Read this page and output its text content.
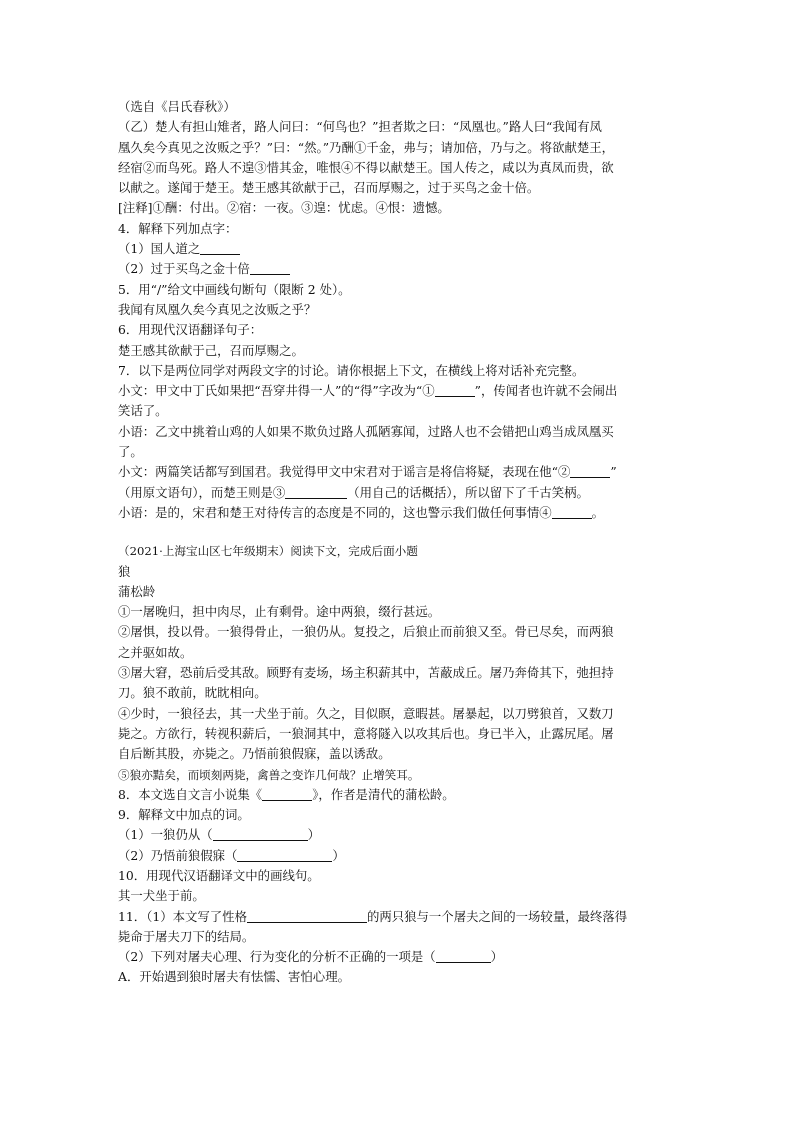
（选自《吕氏春秋》）
（乙）楚人有担山雉者，路人问曰：“何鸟也？”担者欺之曰：“凤凰也。”路人曰“我闻有凤
凰久矣今真见之汝贩之乎？”曰：“然。”乃酬①千金，弗与；请加倍，乃与之。将欲献楚王，
经宿②而鸟死。路人不遑③惜其金，唯恨④不得以献楚王。国人传之，咸以为真凤而贵，欲
以献之。遂闻于楚王。楚王感其欲献于己，召而厚赐之，过于买鸟之金十倍。
[注释]①酬：付出。②宿：一夜。③遑：忧虑。④恨：遗憾。
4．解释下列加点字：
（1）国人道之
（2）过于买鸟之金十倍
5．用“/”给文中画线句断句（限断 2 处）。
我闻有凤凰久矣今真见之汝贩之乎？
6．用现代汉语翻译句子：
楚王感其欲献于己，召而厚赐之。
7．以下是两位同学对两段文字的讨论。请你根据上下文，在横线上将对话补充完整。
小文：甲文中丁氏如果把“吾穿井得一人”的“得”字改为“①	”，传闻者也许就不会闹出
笑话了。
小语：乙文中挑着山鸡的人如果不欺负过路人孤陋寡闻，过路人也不会错把山鸡当成凤凰买
了。
小文：两篇笑话都写到国君。我觉得甲文中宋君对于谣言是将信将疑，表现在他“②	”
（用原文语句），而楚王则是③	（用自己的话概括），所以留下了千古笑柄。
小语：是的，宋君和楚王对待传言的态度是不同的，这也警示我们做任何事情④	。
（2021·上海宝山区七年级期末）阅读下文，完成后面小题
狼
蒲松龄
①一屠晚归，担中肉尽，止有剩骨。途中两狼，缀行甚远。
②屠惧，投以骨。一狼得骨止，一狼仍从。复投之，后狼止而前狼又至。骨已尽矣，而两狼
之并驱如故。
③屠大窘，恐前后受其敌。顾野有麦场，场主积薪其中，苫蔽成丘。屠乃奔倚其下，弛担持
刀。狼不敢前，眈眈相向。
④少时，一狼径去，其一犬坐于前。久之，目似瞑，意暇甚。屠暴起，以刀劈狼首，又数刀
毙之。方欲行，转视积薪后，一狼洞其中，意将隧入以攻其后也。身已半入，止露尻尾。屠
自后断其股，亦毙之。乃悟前狼假寐，盖以诱敌。
⑤狼亦黠矣，而顷刻两毙，禽兽之变诈几何哉？止增笑耳。
8．本文选自文言小说集《	》，作者是清代的蒲松龄。
9．解释文中加点的词。
（1）一狼仍从（	）
（2）乃悟前狼假寐（	）
10．用现代汉语翻译文中的画线句。
其一犬坐于前。
11．（1）本文写了性格	的两只狼与一个屠夫之间的一场较量，最终落得
毙命于屠夫刀下的结局。
（2）下列对屠夫心理、行为变化的分析不正确的一项是（	）
A．开始遇到狼时屠夫有怯懦、害怕心理。
